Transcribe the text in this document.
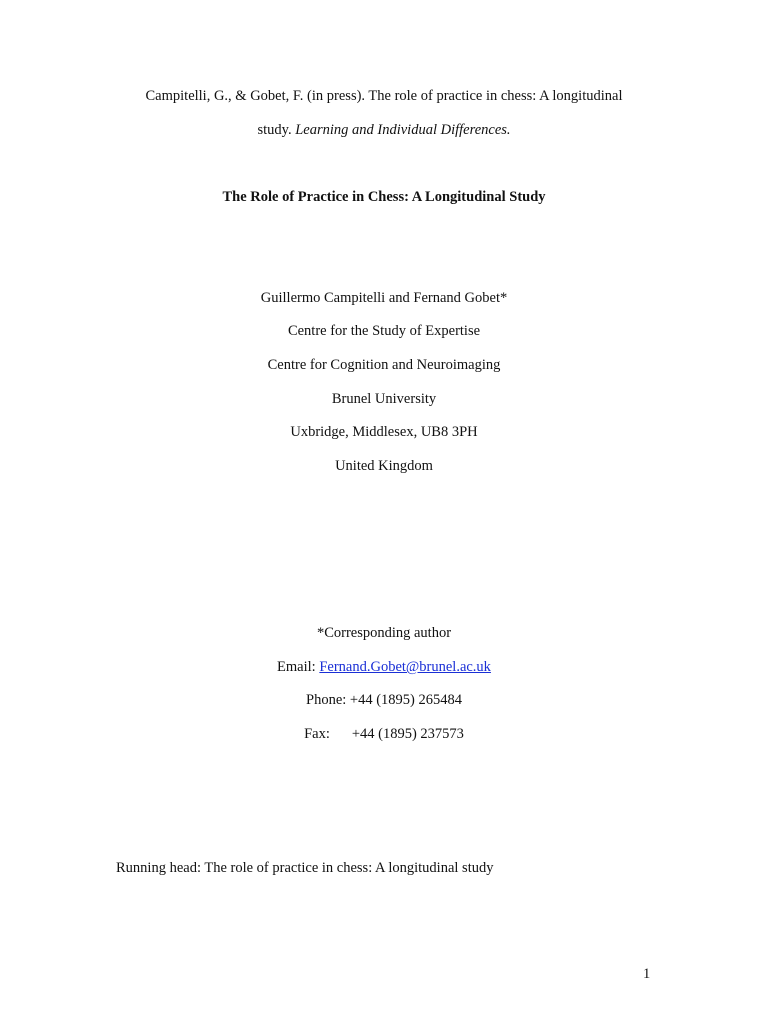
Campitelli, G., & Gobet, F. (in press). The role of practice in chess: A longitudinal
study. Learning and Individual Differences.
The Role of Practice in Chess: A Longitudinal Study
Guillermo Campitelli and Fernand Gobet*
Centre for the Study of Expertise
Centre for Cognition and Neuroimaging
Brunel University
Uxbridge, Middlesex, UB8 3PH
United Kingdom
*Corresponding author
Email: Fernand.Gobet@brunel.ac.uk
Phone: +44 (1895) 265484
Fax: +44 (1895) 237573
Running head: The role of practice in chess: A longitudinal study
1
